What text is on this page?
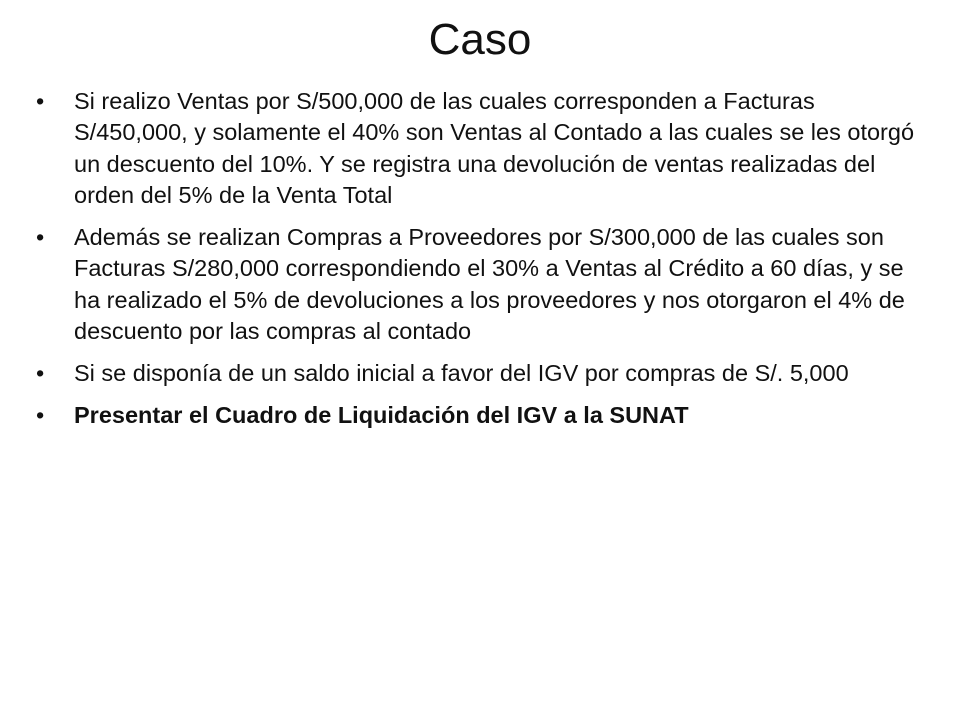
Caso
• Si realizo Ventas por S/500,000 de las cuales corresponden a Facturas S/450,000, y solamente el 40% son Ventas al Contado a las cuales se les otorgó un descuento del 10%. Y se registra una devolución de ventas realizadas del orden del 5% de la Venta Total
• Además se realizan Compras a Proveedores por S/300,000 de las cuales son Facturas S/280,000 correspondiendo el 30% a Ventas al Crédito a 60 días, y se ha realizado el 5% de devoluciones a los proveedores y nos otorgaron el 4% de descuento por las compras al contado
• Si se disponía de un saldo inicial a favor del IGV por compras de S/. 5,000
• Presentar el Cuadro de Liquidación del IGV a la SUNAT
